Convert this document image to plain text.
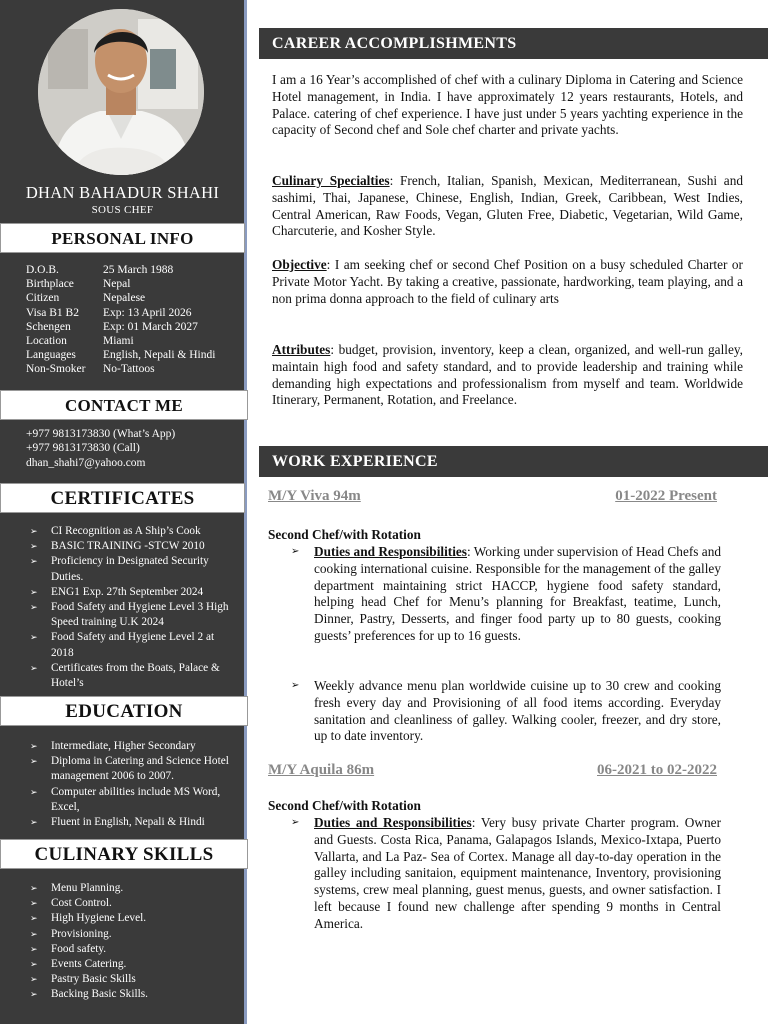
DHAN BAHADUR SHAHI
SOUS CHEF
PERSONAL INFO
D.O.B.	25 March 1988
Birthplace	Nepal
Citizen	Nepalese
Visa B1 B2	Exp: 13 April 2026
Schengen	Exp: 01 March 2027
Location	Miami
Languages	English, Nepali & Hindi
Non-Smoker	No-Tattoos
CONTACT ME
+977 9813173830 (What’s App)
+977 9813173830 (Call)
dhan_shahi7@yahoo.com
CERTIFICATES
➢ CI Recognition as A Ship’s Cook
➢ BASIC TRAINING -STCW 2010
➢ Proficiency in Designated Security Duties.
➢ ENG1 Exp. 27th September 2024
➢ Food Safety and Hygiene Level 3 High Speed training U.K 2024
➢ Food Safety and Hygiene Level 2 at 2018
➢ Certificates from the Boats, Palace & Hotel’s
EDUCATION
➢ Intermediate, Higher Secondary
➢ Diploma in Catering and Science Hotel management 2006 to 2007.
➢ Computer abilities include MS Word, Excel,
➢ Fluent in English, Nepali & Hindi
CULINARY SKILLS
➢ Menu Planning.
➢ Cost Control.
➢ High Hygiene Level.
➢ Provisioning.
➢ Food safety.
➢ Events Catering.
➢ Pastry Basic Skills
➢ Backing Basic Skills.
CAREER ACCOMPLISHMENTS

I am a 16 Year’s accomplished of chef with a culinary Diploma in Catering and Science Hotel management, in India. I have approximately 12 years restaurants, Hotels, and Palace. catering of chef experience. I have just under 5 years yachting experience in the capacity of Second chef and Sole chef charter and private yachts.

Culinary Specialties: French, Italian, Spanish, Mexican, Mediterranean, Sushi and sashimi, Thai, Japanese, Chinese, English, Indian, Greek, Caribbean, West Indies, Central American, Raw Foods, Vegan, Gluten Free, Diabetic, Vegetarian, Wild Game, Charcuterie, and Kosher Style.

Objective: I am seeking chef or second Chef Position on a busy scheduled Charter or Private Motor Yacht. By taking a creative, passionate, hardworking, team playing, and a non prima donna approach to the field of culinary arts

Attributes: budget, provision, inventory, keep a clean, organized, and well-run galley, maintain high food and safety standard, and to provide leadership and training while demanding high expectations and professionalism from myself and team. Worldwide Itinerary, Permanent, Rotation, and Freelance.

WORK EXPERIENCE
M/Y Viva 94m	01-2022 Present
Second Chef/with Rotation
➢ Duties and Responsibilities: Working under supervision of Head Chefs and cooking international cuisine. Responsible for the management of the galley department maintaining strict HACCP, hygiene food safety standard, helping head Chef for Menu’s planning for Breakfast, teatime, Lunch, Dinner, Pastry, Desserts, and finger food party up to 80 guests, cooking guests’ preferences for up to 16 guests.
➢ Weekly advance menu plan worldwide cuisine up to 30 crew and cooking fresh every day and Provisioning of all food items according. Everyday sanitation and cleanliness of galley. Walking cooler, freezer, and dry store, up to date inventory.
M/Y Aquila 86m	06-2021 to 02-2022
Second Chef/with Rotation
➢ Duties and Responsibilities: Very busy private Charter program. Owner and Guests. Costa Rica, Panama, Galapagos Islands, Mexico-Ixtapa, Puerto Vallarta, and La Paz- Sea of Cortex. Manage all day-to-day operation in the galley including sanitaion, equipment maintenance, Inventory, provisioning systems, crew meal planning, guest menus, guests, and owner satisfaction. I left because I found new challenge after spending 9 months in Central America.
